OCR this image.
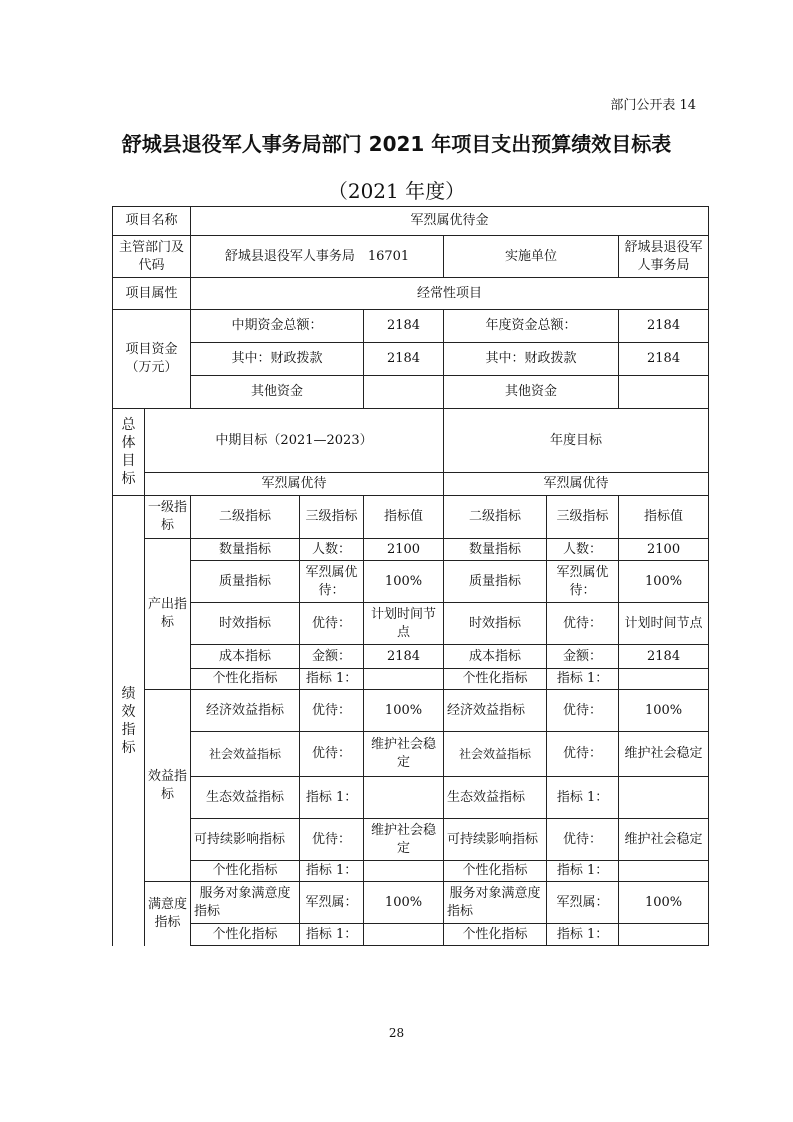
部门公开表 14
舒城县退役军人事务局部门 2021 年项目支出预算绩效目标表
（2021 年度）
项目名称		军烈属优待金					
主管部门及代码		舒城县退役军人事务局　16701			实施单位		舒城县退役军人事务局
项目属性		经常性项目					
项目资金（万元）		中期资金总额：		2184	年度资金总额：		2184
		其中：财政拨款		2184	其中：财政拨款		2184
		其他资金			其他资金		
总体目标	中期目标（2021—2023）				年度目标		
	军烈属优待				军烈属优待		
绩效指标	一级指标	二级指标	三级指标	指标值	二级指标	三级指标	指标值
	产出指标	数量指标	人数：	2100	数量指标	人数：	2100
		质量指标	军烈属优待：	100%	质量指标	军烈属优待：	100%
		时效指标	优待：	计划时间节点	时效指标	优待：	计划时间节点
		成本指标	金额：	2184	成本指标	金额：	2184
		个性化指标	指标 1：		个性化指标	指标 1：	
	效益指标	经济效益指标	优待：	100%	经济效益指标	优待：	100%
		社会效益指标	优待：	维护社会稳定	社会效益指标	优待：	维护社会稳定
		生态效益指标	指标 1：		生态效益指标	指标 1：	
		可持续影响指标	优待：	维护社会稳定	可持续影响指标	优待：	维护社会稳定
		个性化指标	指标 1：		个性化指标	指标 1：	
	满意度指标	服务对象满意度指标	军烈属：	100%	服务对象满意度指标	军烈属：	100%
		个性化指标	指标 1：		个性化指标	指标 1：	
28
